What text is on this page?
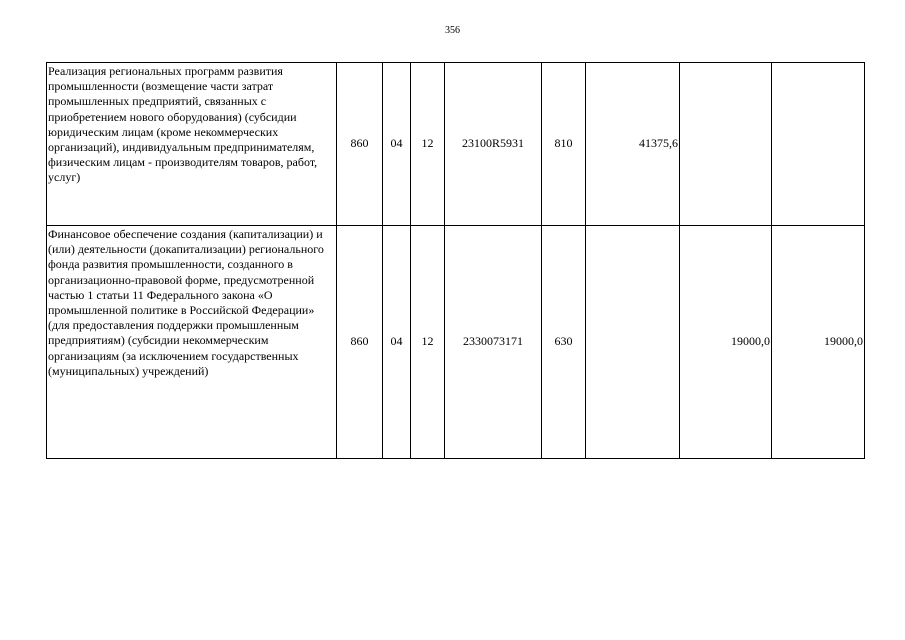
356
Реализация региональных программ развития промышленности (возмещение части затрат промышленных предприятий, связанных с приобретением нового оборудования) (субсидии юридическим лицам (кроме некоммерческих организаций), индивидуальным предпринимателям, физическим лицам - производителям товаров, работ, услуг)	860	04	12	23100R5931	810	41375,6		
Финансовое обеспечение создания (капитализации) и (или) деятельности (докапитализации) регионального фонда развития промышленности, созданного в организационно-правовой форме, предусмотренной частью 1 статьи 11 Федерального закона «О промышленной политике в Российской Федерации» (для предоставления поддержки промышленным предприятиям) (субсидии некоммерческим организациям (за исключением государственных (муниципальных) учреждений)	860	04	12	2330073171	630		19000,0	19000,0
